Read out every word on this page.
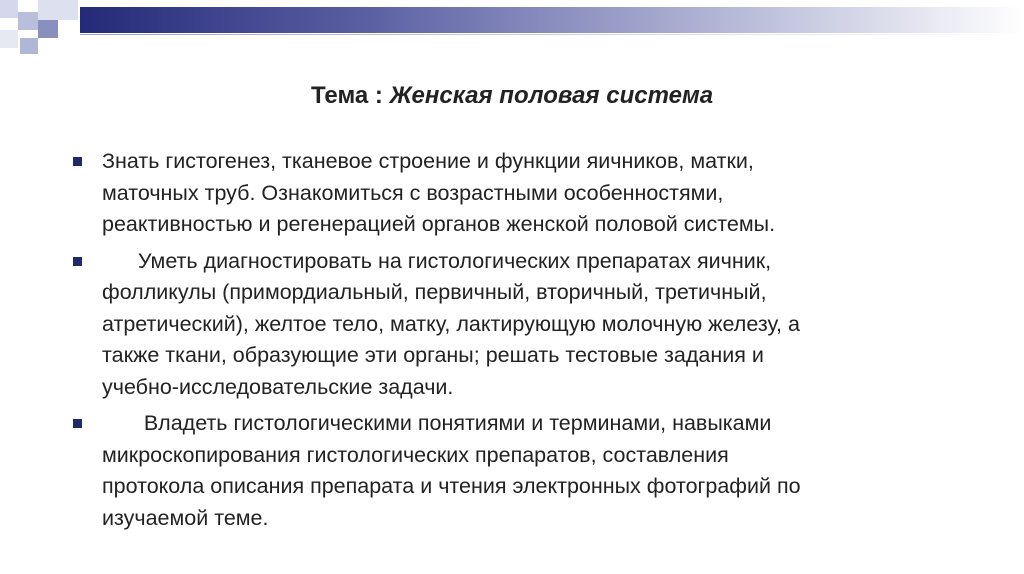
Тема : Женская половая система
Знать гистогенез, тканевое строение и функции яичников, матки,
маточных труб. Ознакомиться с возрастными особенностями,
реактивностью и регенерацией органов женской половой системы.
Уметь диагностировать на гистологических препаратах яичник,
фолликулы (примордиальный, первичный, вторичный, третичный,
атретический), желтое тело, матку, лактирующую молочную железу, а
также ткани, образующие эти органы; решать тестовые задания и
учебно-исследовательские задачи.
Владеть гистологическими понятиями и терминами, навыками
микроскопирования гистологических препаратов, составления
протокола описания препарата и чтения электронных фотографий по
изучаемой теме.
